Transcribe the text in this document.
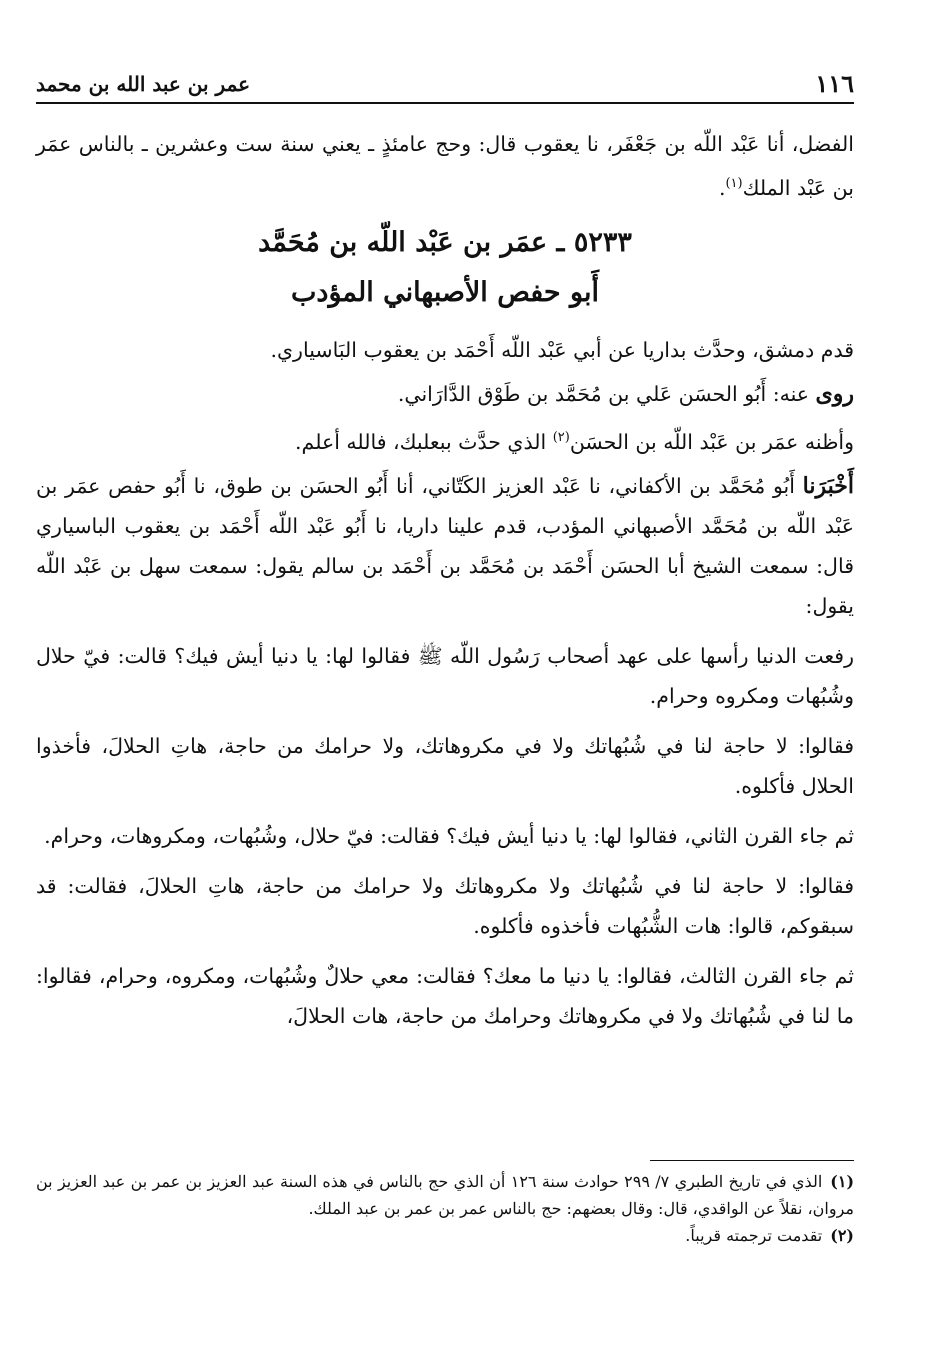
١١٦
عمر بن عبد الله بن محمد

الفضل، أنا عَبْد اللّه بن جَعْفَر، نا يعقوب قال: وحج عامئذٍ ـ يعني سنة ست وعشرين ـ بالناس عمَر بن عَبْد الملك$^{(١)}$.

٥٢٣٣ ـ عمَر بن عَبْد اللّه بن مُحَمَّد
أَبو حفص الأصبهاني المؤدب

قدم دمشق، وحدَّث بداريا عن أبي عَبْد اللّه أَحْمَد بن يعقوب البَاسياري.

روى عنه: أَبُو الحسَن عَلي بن مُحَمَّد بن طَوْق الدَّارَاني.

وأظنه عمَر بن عَبْد اللّه بن الحسَن$^{(٢)}$ الذي حدَّث ببعلبك، فالله أعلم.

أَخْبَرَنا أَبُو مُحَمَّد بن الأكفاني، نا عَبْد العزيز الكَتّاني، أنا أَبُو الحسَن بن طوق، نا أَبُو حفص عمَر بن عَبْد اللّه بن مُحَمَّد الأصبهاني المؤدب، قدم علينا داريا، نا أَبُو عَبْد اللّه أَحْمَد بن يعقوب الباسياري قال: سمعت الشيخ أبا الحسَن أَحْمَد بن مُحَمَّد بن أَحْمَد بن سالم يقول: سمعت سهل بن عَبْد اللّه يقول:

رفعت الدنيا رأسها على عهد أصحاب رَسُول اللّه ﷺ فقالوا لها: يا دنيا أيش فيك؟ قالت: فيّ حلال وشُبُهات ومكروه وحرام.

فقالوا: لا حاجة لنا في شُبُهاتك ولا في مكروهاتك، ولا حرامك من حاجة، هاتِ الحلالَ، فأخذوا الحلال فأكلوه.

ثم جاء القرن الثاني، فقالوا لها: يا دنيا أيش فيك؟ فقالت: فيّ حلال، وشُبُهات، ومكروهات، وحرام.

فقالوا: لا حاجة لنا في شُبُهاتك ولا مكروهاتك ولا حرامك من حاجة، هاتِ الحلالَ، فقالت: قد سبقوكم، قالوا: هات الشُّبُهات فأخذوه فأكلوه.

ثم جاء القرن الثالث، فقالوا: يا دنيا ما معك؟ فقالت: معي حلالٌ وشُبُهات، ومكروه، وحرام، فقالوا: ما لنا في شُبُهاتك ولا في مكروهاتك وحرامك من حاجة، هات الحلالَ،

(١)الذي في تاريخ الطبري ٧/ ٢٩٩ حوادث سنة ١٢٦ أن الذي حج بالناس في هذه السنة عبد العزيز بن عمر بن عبد العزيز بن مروان، نقلاً عن الواقدي، قال: وقال بعضهم: حج بالناس عمر بن عمر بن عبد الملك.

(٢)تقدمت ترجمته قريباً.
